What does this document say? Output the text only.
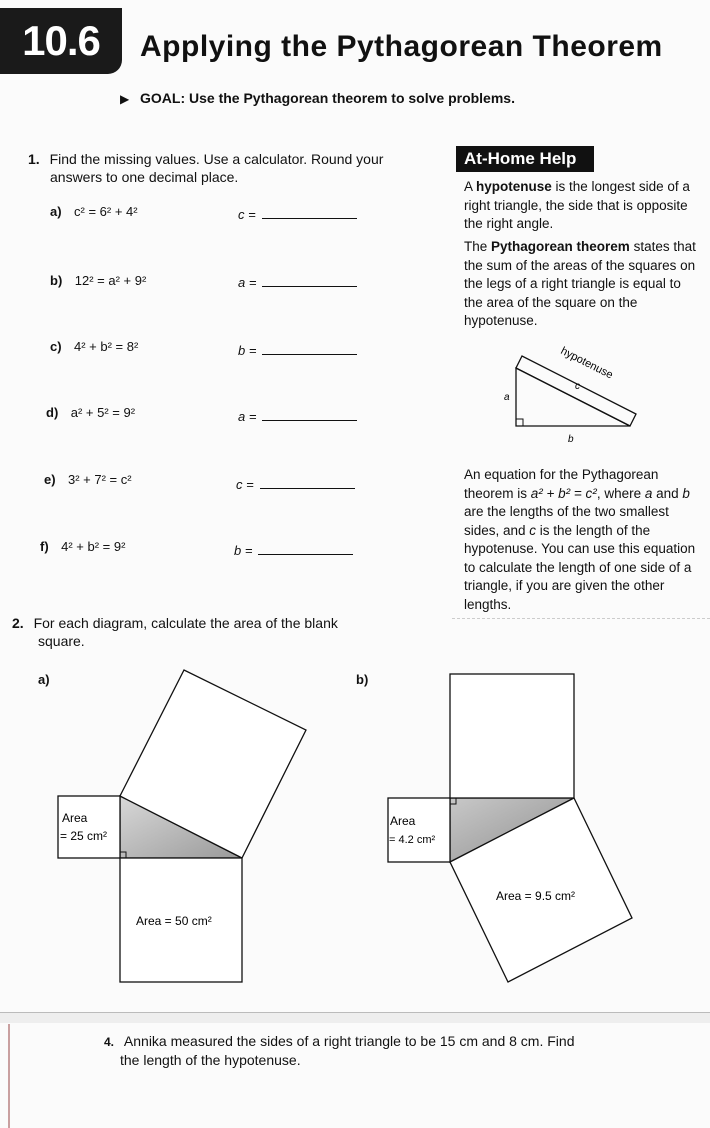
10.6	Applying the Pythagorean Theorem
▶ GOAL: Use the Pythagorean theorem to solve problems.
1. Find the missing values. Use a calculator. Round your
answers to one decimal place.
a) c² = 6² + 4²	c =
b) 12² = a² + 9²	a =
c) 4² + b² = 8²	b =
d) a² + 5² = 9²	a =
e) 3² + 7² = c²	c =
f) 4² + b² = 9²	b =
At-Home Help
A hypotenuse is the longest side of a right triangle, the side that is opposite the right angle.
The Pythagorean theorem states that the sum of the areas of the squares on the legs of a right triangle is equal to the area of the square on the hypotenuse.
hypotenuse
a
b
c
An equation for the Pythagorean theorem is a² + b² = c², where a and b are the lengths of the two smallest sides, and c is the length of the hypotenuse. You can use this equation to calculate the length of one side of a triangle, if you are given the other lengths.
2. For each diagram, calculate the area of the blank
square.
a)	b)
Area
= 25 cm²
Area = 50 cm²
Area
= 4.2 cm²
Area = 9.5 cm²
4. Annika measured the sides of a right triangle to be 15 cm and 8 cm. Find
the length of the hypotenuse.
